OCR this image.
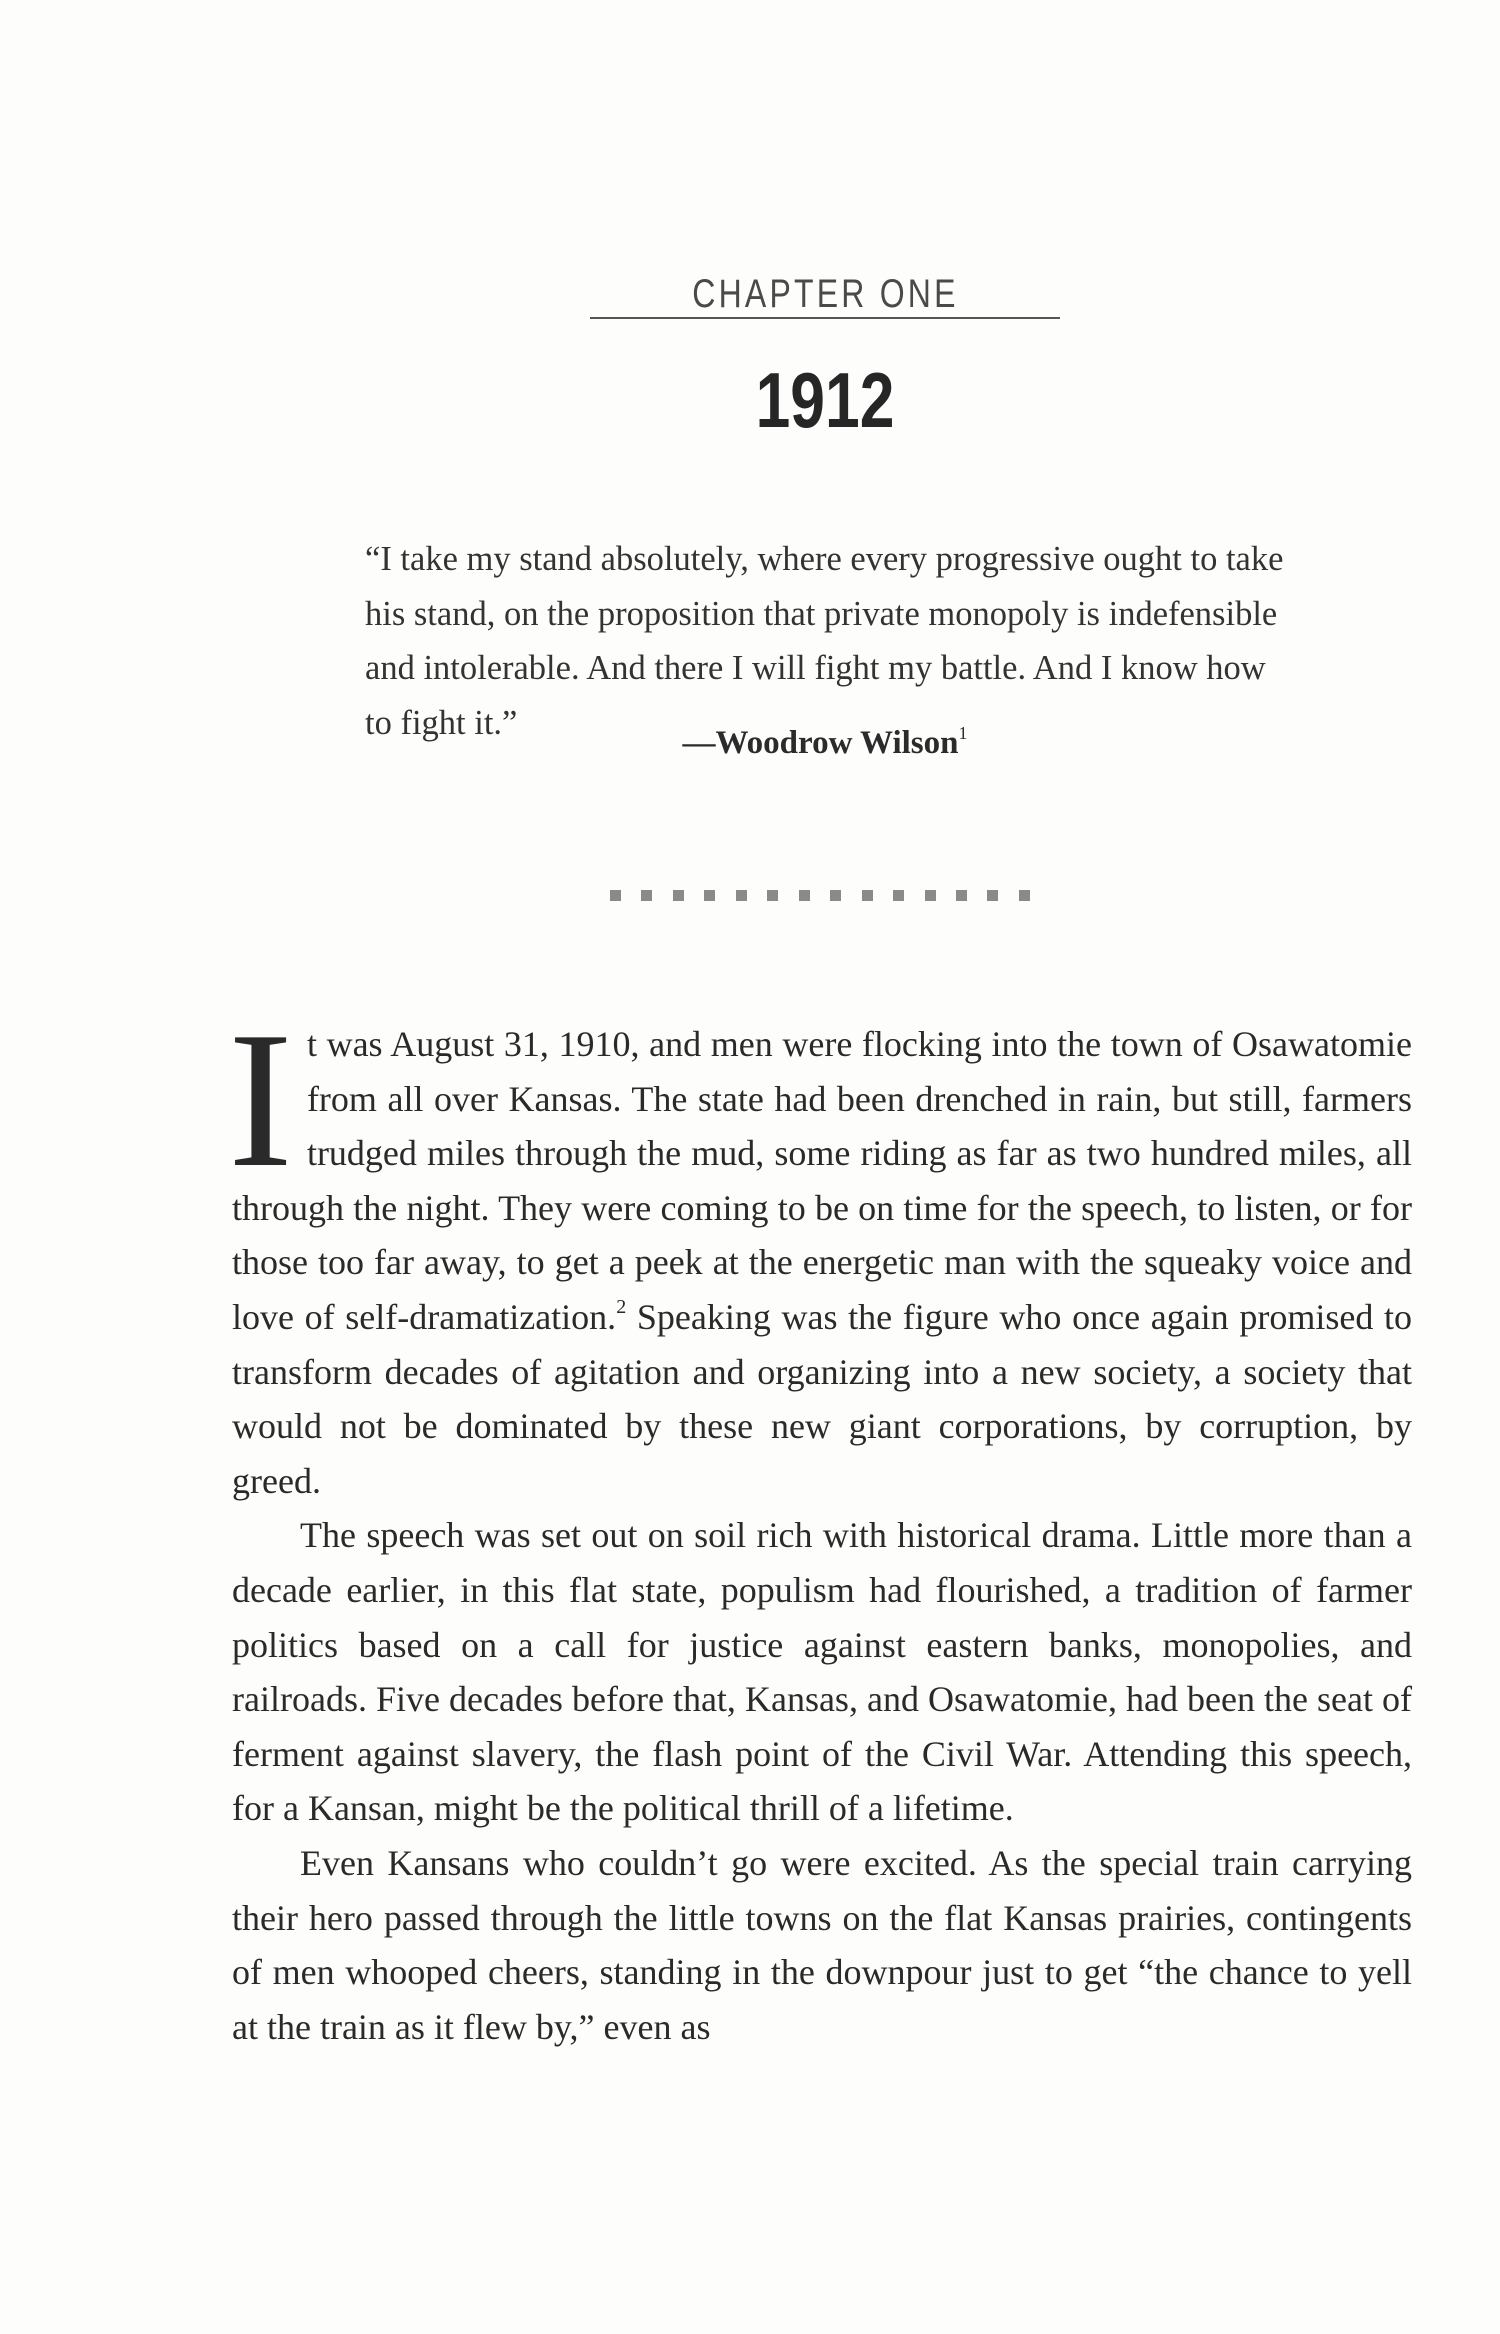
CHAPTER ONE
1912

“I take my stand absolutely, where every progressive ought to take his stand, on the proposition that private monopoly is indefensible and intolerable. And there I will fight my battle. And I know how to fight it.”

—Woodrow Wilson$^1$

It was August 31, 1910, and men were flocking into the town of Osawatomie from all over Kansas. The state had been drenched in rain, but still, farmers trudged miles through the mud, some riding as far as two hundred miles, all through the night. They were coming to be on time for the speech, to listen, or for those too far away, to get a peek at the energetic man with the squeaky voice and love of self-dramatization.$^2$ Speaking was the figure who once again promised to transform decades of agitation and organizing into a new society, a society that would not be dominated by these new giant corporations, by corruption, by greed.

The speech was set out on soil rich with historical drama. Little more than a decade earlier, in this flat state, populism had flourished, a tradition of farmer politics based on a call for justice against eastern banks, monopolies, and railroads. Five decades before that, Kansas, and Osawatomie, had been the seat of ferment against slavery, the flash point of the Civil War. Attending this speech, for a Kansan, might be the political thrill of a lifetime.

Even Kansans who couldn’t go were excited. As the special train carrying their hero passed through the little towns on the flat Kansas prairies, contingents of men whooped cheers, standing in the downpour just to get “the chance to yell at the train as it flew by,” even as
